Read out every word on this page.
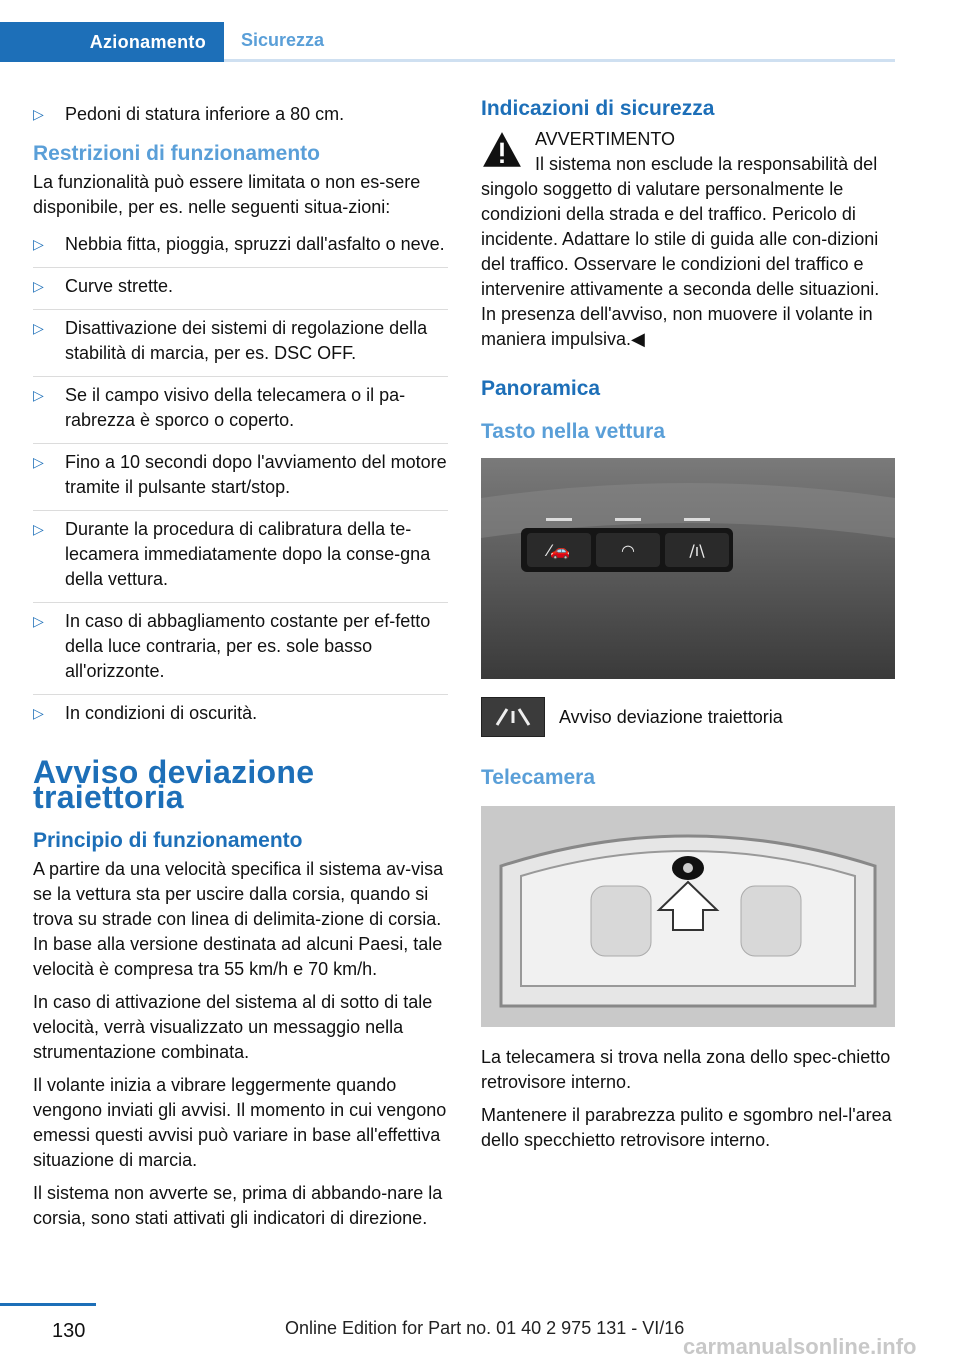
Azionamento	Sicurezza
▷	Pedoni di statura inferiore a 80 cm.
Restrizioni di funzionamento

La funzionalità può essere limitata o non es-sere disponibile, per es. nelle seguenti situa-zioni:

▷	Nebbia fitta, pioggia, spruzzi dall'asfalto o neve.
▷	Curve strette.
▷	Disattivazione dei sistemi di regolazione della stabilità di marcia, per es. DSC OFF.
▷	Se il campo visivo della telecamera o il pa-rabrezza è sporco o coperto.
▷	Fino a 10 secondi dopo l'avviamento del motore tramite il pulsante start/stop.
▷	Durante la procedura di calibratura della te-lecamera immediatamente dopo la conse-gna della vettura.
▷	In caso di abbagliamento costante per ef-fetto della luce contraria, per es. sole basso all'orizzonte.
▷	In condizioni di oscurità.
Avviso deviazione traiettoria
Principio di funzionamento

A partire da una velocità specifica il sistema av-visa se la vettura sta per uscire dalla corsia, quando si trova su strade con linea di delimita-zione di corsia. In base alla versione destinata ad alcuni Paesi, tale velocità è compresa tra 55 km/h e 70 km/h.

In caso di attivazione del sistema al di sotto di tale velocità, verrà visualizzato un messaggio nella strumentazione combinata.

Il volante inizia a vibrare leggermente quando vengono inviati gli avvisi. Il momento in cui vengono emessi questi avvisi può variare in base all'effettiva situazione di marcia.

Il sistema non avverte se, prima di abbando-nare la corsia, sono stati attivati gli indicatori di direzione.

Indicazioni di sicurezza
AVVERTIMENTO
Il sistema non esclude la responsabilità del singolo soggetto di valutare personalmente le condizioni della strada e del traffico. Pericolo di incidente. Adattare lo stile di guida alle con-dizioni del traffico. Osservare le condizioni del traffico e intervenire attivamente a seconda delle situazioni. In presenza dell'avviso, non muovere il volante in maniera impulsiva.◀
Panoramica
Tasto nella vettura
⁄🚗	◠	/ı\
Avviso deviazione traiettoria
Telecamera

La telecamera si trova nella zona dello spec-chietto retrovisore interno.

Mantenere il parabrezza pulito e sgombro nel-l'area dello specchietto retrovisore interno.

130	Online Edition for Part no. 01 40 2 975 131 - VI/16
carmanualsonline.info
